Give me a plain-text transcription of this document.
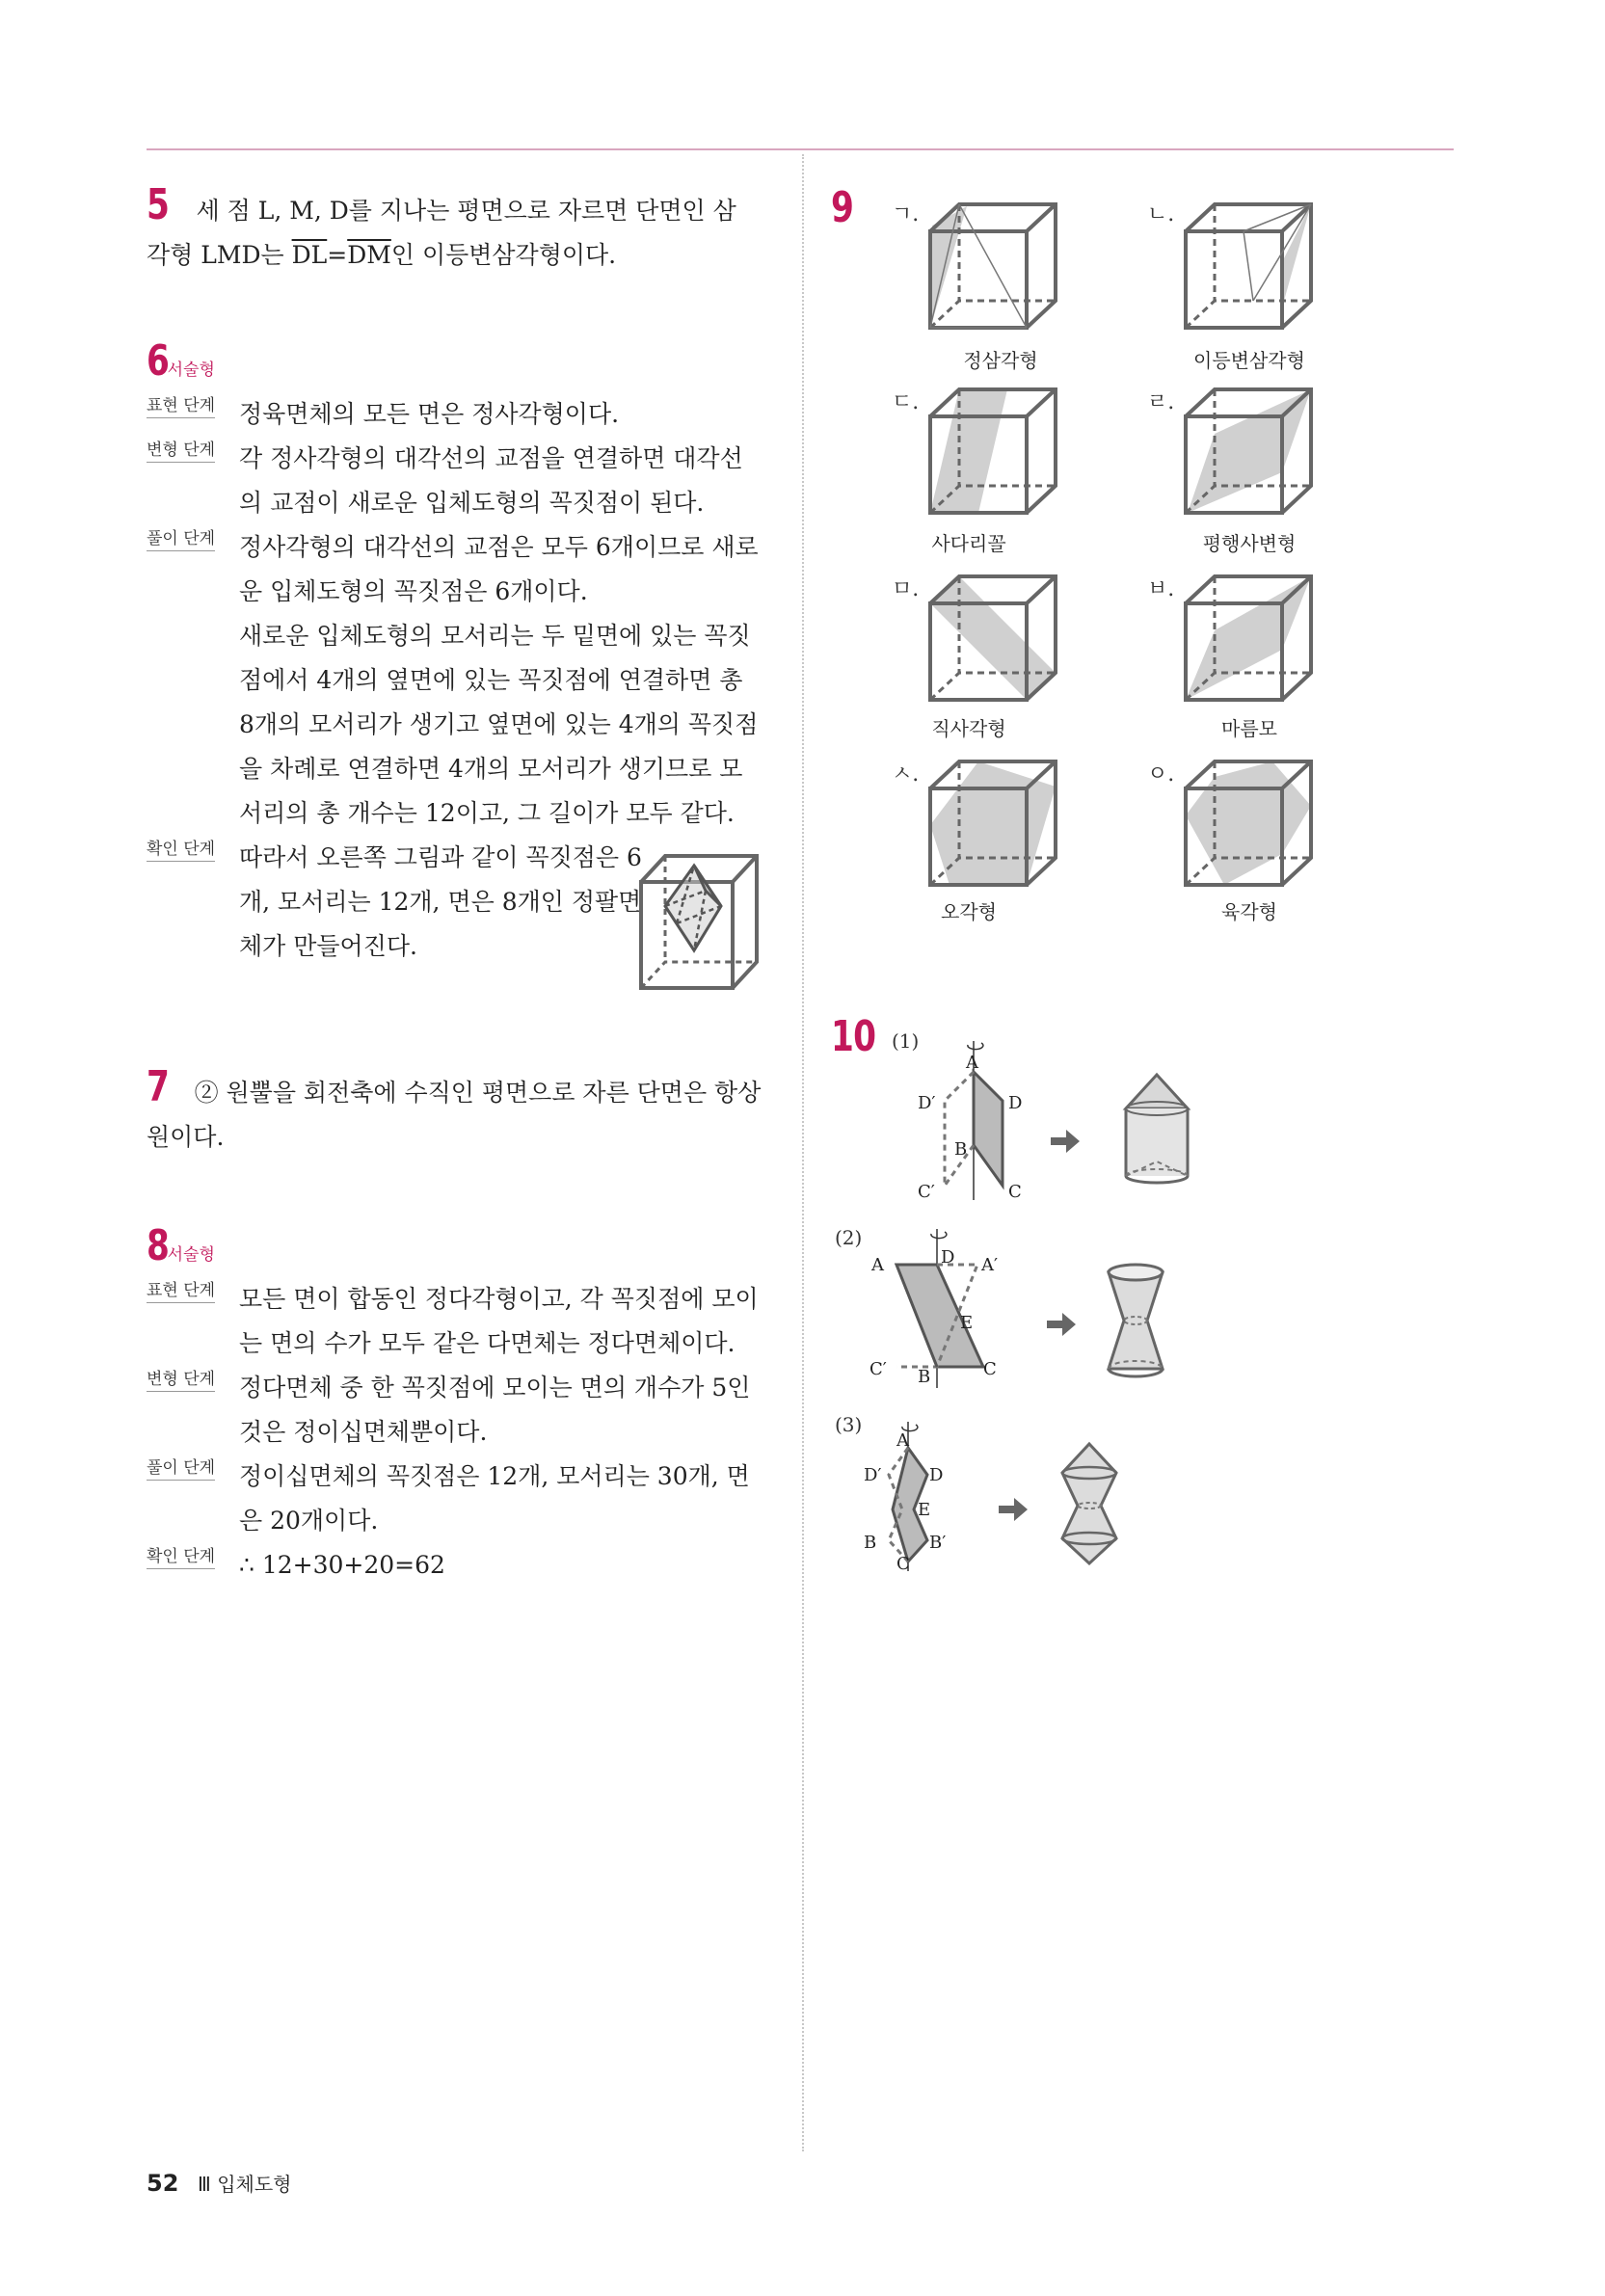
5 세 점 L, M, D를 지나는 평면으로 자르면 단면인 삼
각형 LMD는 $\overline{DL}=\overline{DM}$인 이등변삼각형이다.
6서술형
표현 단계 정육면체의 모든 면은 정사각형이다.
변형 단계 각 정사각형의 대각선의 교점을 연결하면 대각선의 교점이 새로운 입체도형의 꼭짓점이 된다.
풀이 단계 정사각형의 대각선의 교점은 모두 6개이므로 새로운 입체도형의 꼭짓점은 6개이다.
새로운 입체도형의 모서리는 두 밑면에 있는 꼭짓점에서 4개의 옆면에 있는 꼭짓점에 연결하면 총 8개의 모서리가 생기고 옆면에 있는 4개의 꼭짓점을 차례로 연결하면 4개의 모서리가 생기므로 모서리의 총 개수는 12이고, 그 길이가 모두 같다.
확인 단계 따라서 오른쪽 그림과 같이 꼭짓점은 6개, 모서리는 12개, 면은 8개인 정팔면체가 만들어진다.
7 ② 원뿔을 회전축에 수직인 평면으로 자른 단면은 항상 원이다.
8서술형
표현 단계 모든 면이 합동인 정다각형이고, 각 꼭짓점에 모이는 면의 수가 모두 같은 다면체는 정다면체이다.
변형 단계 정다면체 중 한 꼭짓점에 모이는 면의 개수가 5인 것은 정이십면체뿐이다.
풀이 단계 정이십면체의 꼭짓점은 12개, 모서리는 30개, 면은 20개이다.
확인 단계 ∴ 12+30+20=62
9 ㄱ.	ㄴ.
정삼각형	이등변삼각형
ㄷ.	ㄹ.
사다리꼴	평행사변형
ㅁ.	ㅂ.
직사각형	마름모
ㅅ.	ㅇ.
오각형	육각형
10 (1)
(2)
(3)
A
D′	D
B
C′	C
A	D A′
E
C′ B	C
A
D′	D
E
B	B′
C
52 Ⅲ 입체도형
